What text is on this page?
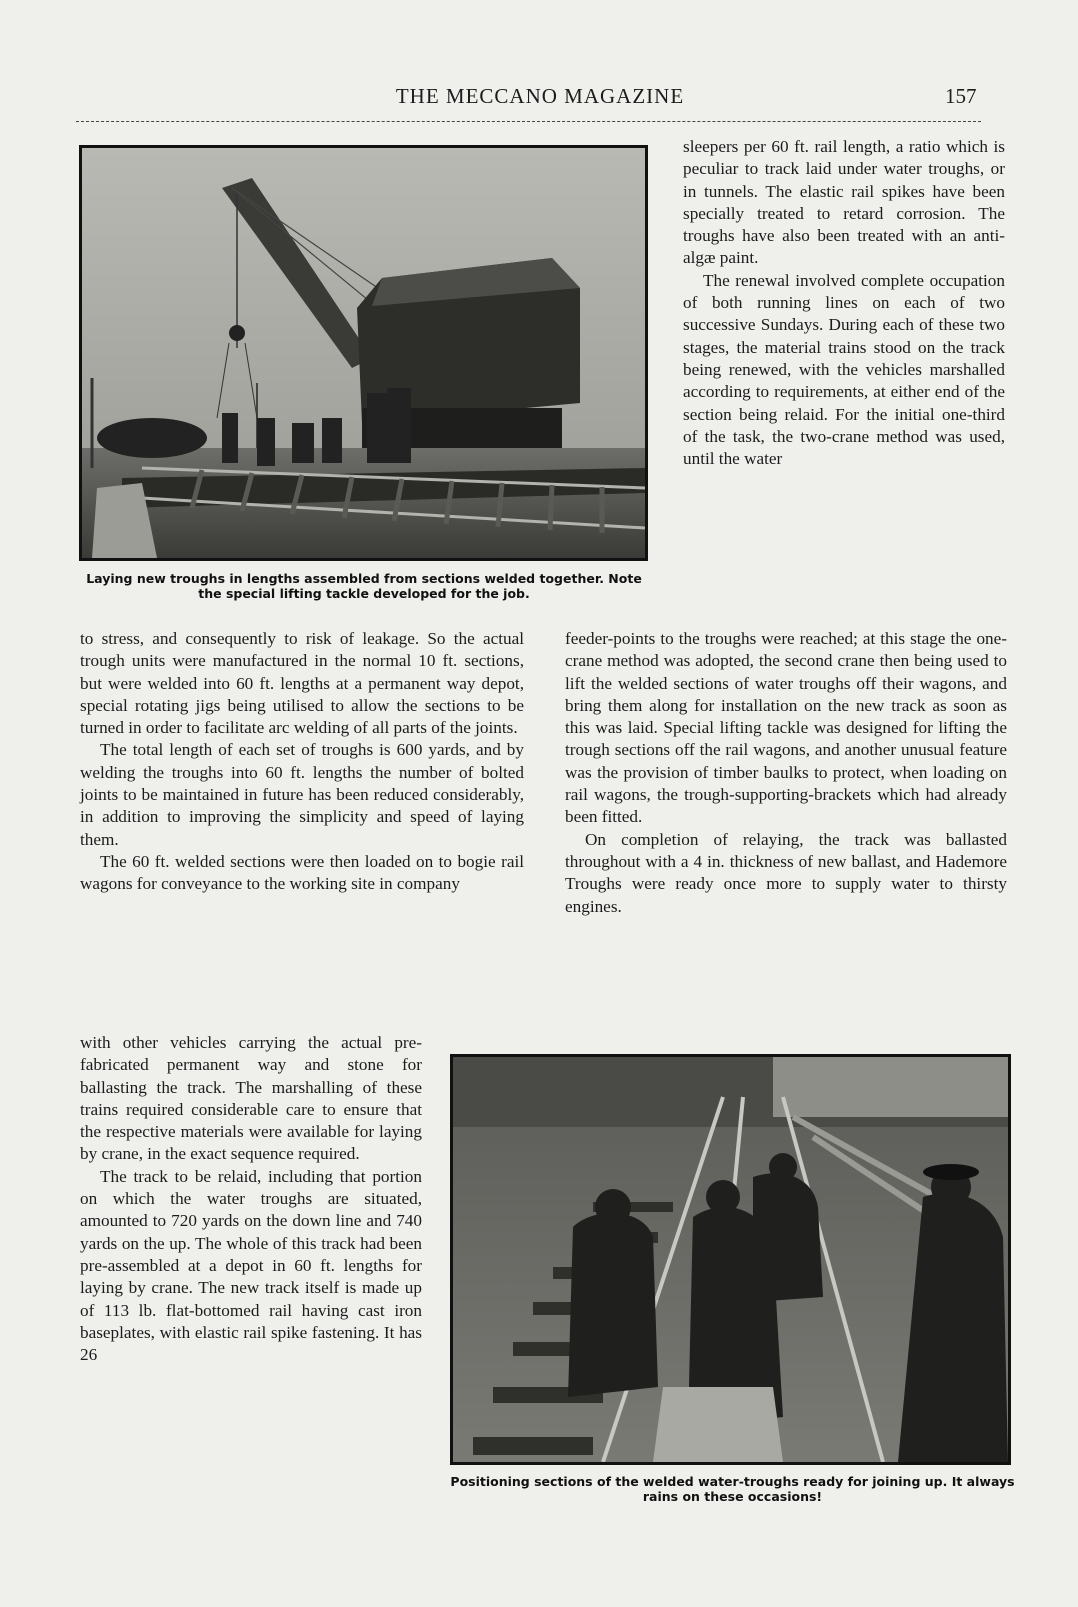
THE MECCANO MAGAZINE	157
Laying new troughs in lengths assembled from sections welded together. Note the special lifting tackle developed for the job.

sleepers per 60 ft. rail length, a ratio which is peculiar to track laid under water troughs, or in tunnels. The elastic rail spikes have been specially treated to retard corrosion. The troughs have also been treated with an anti-algæ paint.

The renewal involved complete occupation of both running lines on each of two successive Sundays. During each of these two stages, the material trains stood on the track being renewed, with the vehicles marshalled according to requirements, at either end of the section being relaid. For the initial one-third of the task, the two-crane method was used, until the water

to stress, and consequently to risk of leakage. So the actual trough units were manufactured in the normal 10 ft. sections, but were welded into 60 ft. lengths at a permanent way depot, special rotating jigs being utilised to allow the sections to be turned in order to facilitate arc welding of all parts of the joints.

The total length of each set of troughs is 600 yards, and by welding the troughs into 60 ft. lengths the number of bolted joints to be maintained in future has been reduced considerably, in addition to improving the simplicity and speed of laying them.

The 60 ft. welded sections were then loaded on to bogie rail wagons for conveyance to the working site in company

feeder-points to the troughs were reached; at this stage the one-crane method was adopted, the second crane then being used to lift the welded sections of water troughs off their wagons, and bring them along for installation on the new track as soon as this was laid. Special lifting tackle was designed for lifting the trough sections off the rail wagons, and another unusual feature was the provision of timber baulks to protect, when loading on rail wagons, the trough-supporting-brackets which had already been fitted.

On completion of relaying, the track was ballasted throughout with a 4 in. thickness of new ballast, and Hademore Troughs were ready once more to supply water to thirsty engines.

with other vehicles carrying the actual pre-fabricated permanent way and stone for ballasting the track. The marshalling of these trains required considerable care to ensure that the respective materials were available for laying by crane, in the exact sequence required.

The track to be relaid, including that portion on which the water troughs are situated, amounted to 720 yards on the down line and 740 yards on the up. The whole of this track had been pre-assembled at a depot in 60 ft. lengths for laying by crane. The new track itself is made up of 113 lb. flat-bottomed rail having cast iron baseplates, with elastic rail spike fastening. It has 26

Positioning sections of the welded water-troughs ready for joining up. It always rains on these occasions!
